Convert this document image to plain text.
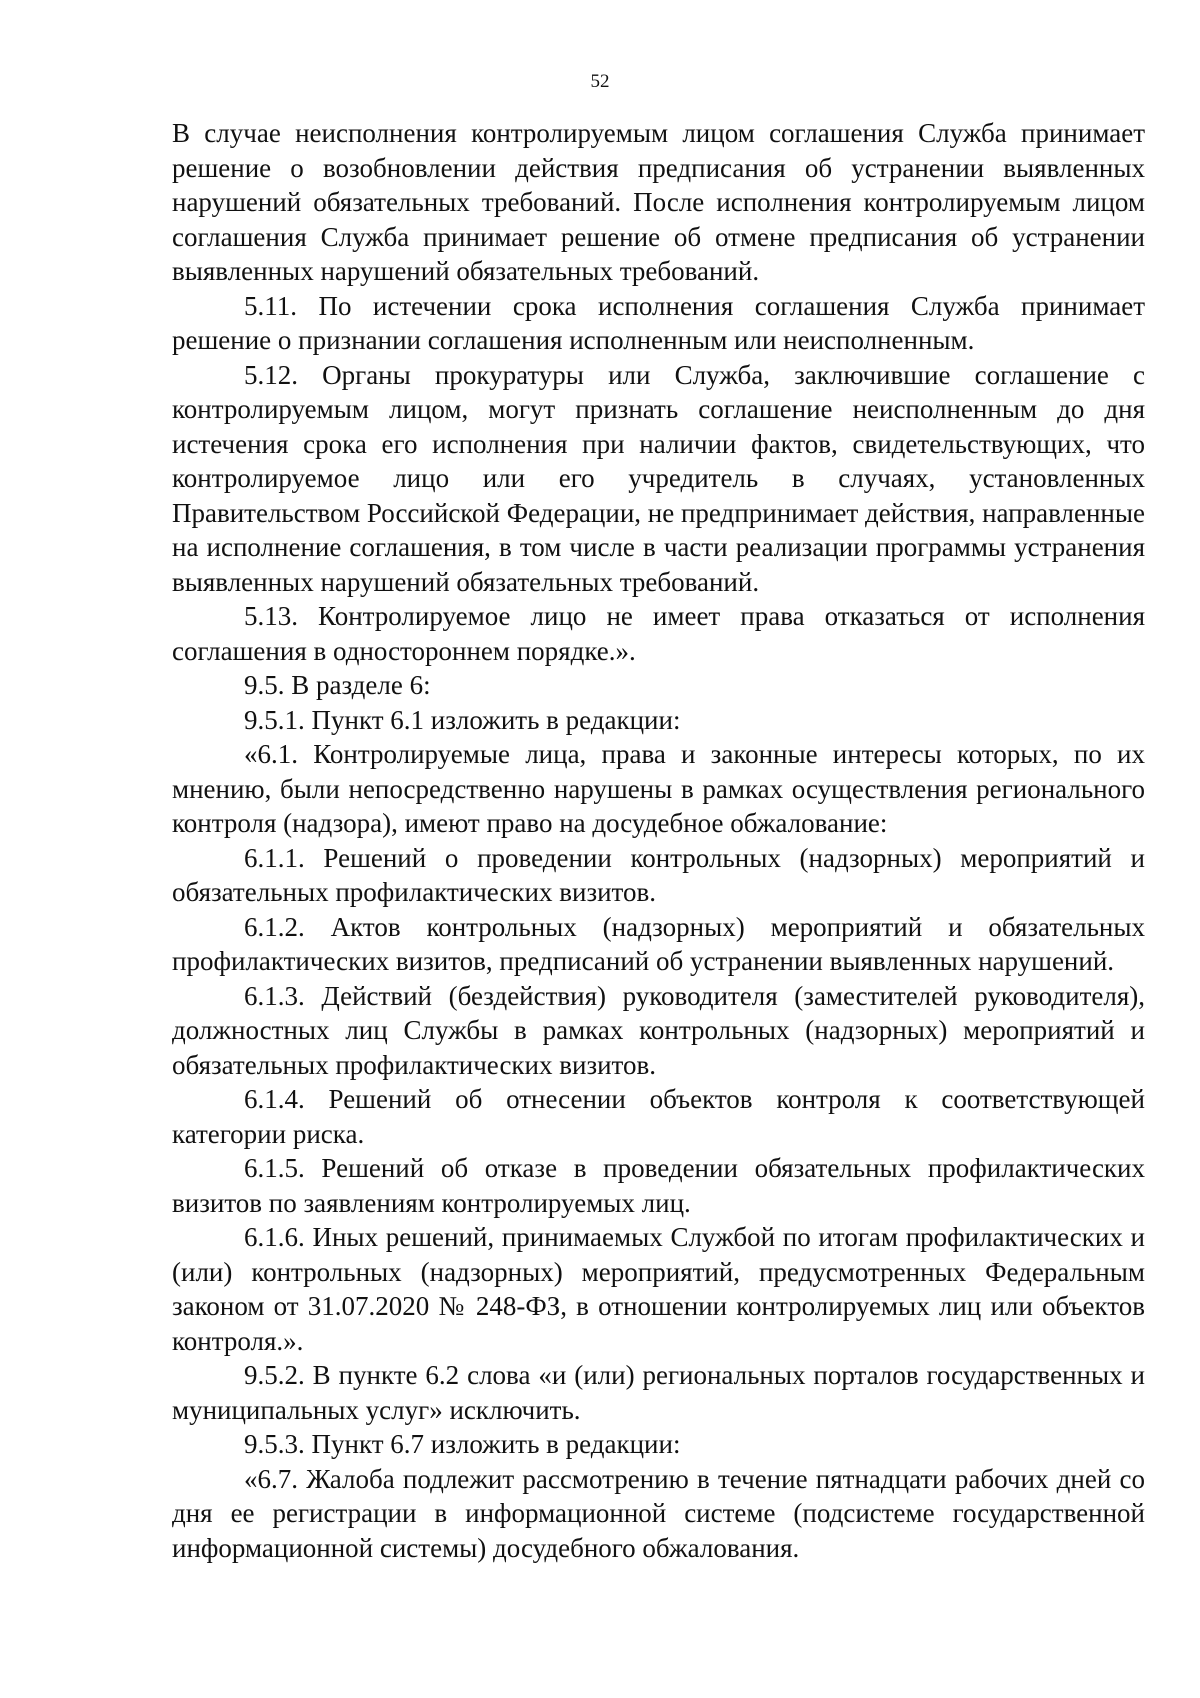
52

В случае неисполнения контролируемым лицом соглашения Служба принимает решение о возобновлении действия предписания об устранении выявленных нарушений обязательных требований. После исполнения контролируемым лицом соглашения Служба принимает решение об отмене предписания об устранении выявленных нарушений обязательных требований.

5.11. По истечении срока исполнения соглашения Служба принимает решение о признании соглашения исполненным или неисполненным.

5.12. Органы прокуратуры или Служба, заключившие соглашение с контролируемым лицом, могут признать соглашение неисполненным до дня истечения срока его исполнения при наличии фактов, свидетельствующих, что контролируемое лицо или его учредитель в случаях, установленных Правительством Российской Федерации, не предпринимает действия, направленные на исполнение соглашения, в том числе в части реализации программы устранения выявленных нарушений обязательных требований.

5.13. Контролируемое лицо не имеет права отказаться от исполнения соглашения в одностороннем порядке.».

9.5. В разделе 6:

9.5.1. Пункт 6.1 изложить в редакции:

«6.1. Контролируемые лица, права и законные интересы которых, по их мнению, были непосредственно нарушены в рамках осуществления регионального контроля (надзора), имеют право на досудебное обжалование:

6.1.1. Решений о проведении контрольных (надзорных) мероприятий и обязательных профилактических визитов.

6.1.2. Актов контрольных (надзорных) мероприятий и обязательных профилактических визитов, предписаний об устранении выявленных нарушений.

6.1.3. Действий (бездействия) руководителя (заместителей руководителя), должностных лиц Службы в рамках контрольных (надзорных) мероприятий и обязательных профилактических визитов.

6.1.4. Решений об отнесении объектов контроля к соответствующей категории риска.

6.1.5. Решений об отказе в проведении обязательных профилактических визитов по заявлениям контролируемых лиц.

6.1.6. Иных решений, принимаемых Службой по итогам профилактических и (или) контрольных (надзорных) мероприятий, предусмотренных Федеральным законом от 31.07.2020 № 248-ФЗ, в отношении контролируемых лиц или объектов контроля.».

9.5.2. В пункте 6.2 слова «и (или) региональных порталов государственных и муниципальных услуг» исключить.

9.5.3. Пункт 6.7 изложить в редакции:

«6.7. Жалоба подлежит рассмотрению в течение пятнадцати рабочих дней со дня ее регистрации в информационной системе (подсистеме государственной информационной системы) досудебного обжалования.
